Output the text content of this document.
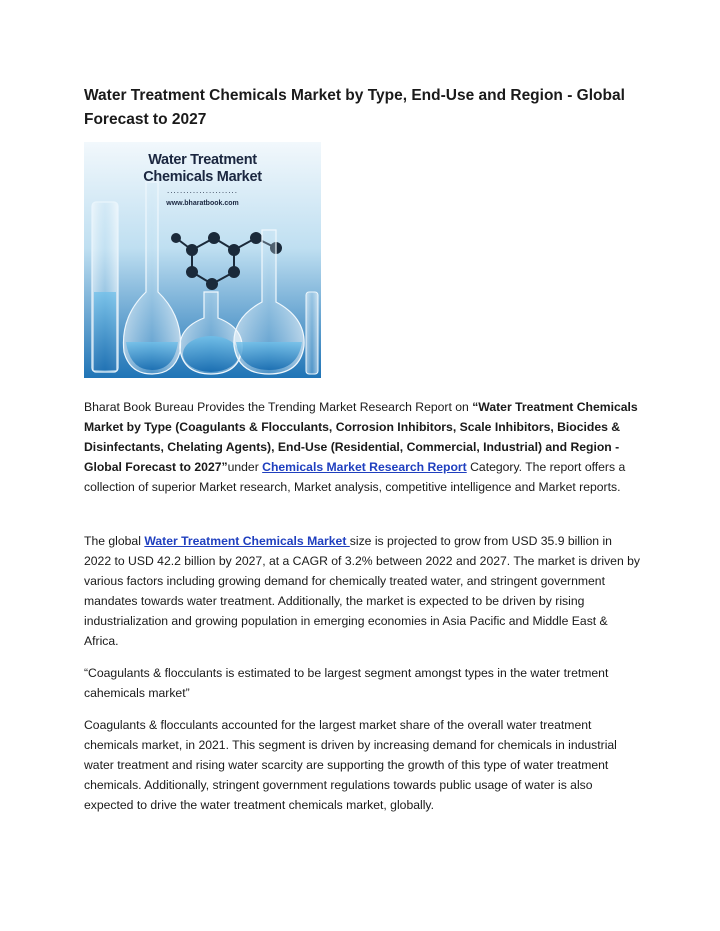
Water Treatment Chemicals Market by Type, End-Use and Region - Global Forecast to 2027
Water Treatment
Chemicals Market
......................
www.bharatbook.com
Bharat Book Bureau Provides the Trending Market Research Report on “Water Treatment Chemicals Market by Type (Coagulants & Flocculants, Corrosion Inhibitors, Scale Inhibitors, Biocides & Disinfectants, Chelating Agents), End-Use (Residential, Commercial, Industrial) and Region - Global Forecast to 2027”under Chemicals Market Research Report Category. The report offers a collection of superior Market research, Market analysis, competitive intelligence and Market reports.
The global Water Treatment Chemicals Market size is projected to grow from USD 35.9 billion in 2022 to USD 42.2 billion by 2027, at a CAGR of 3.2% between 2022 and 2027. The market is driven by various factors including growing demand for chemically treated water, and stringent government mandates towards water treatment. Additionally, the market is expected to be driven by rising industrialization and growing population in emerging economies in Asia Pacific and Middle East & Africa.
“Coagulants & flocculants is estimated to be largest segment amongst types in the water tretment cahemicals market”
Coagulants & flocculants accounted for the largest market share of the overall water treatment chemicals market, in 2021. This segment is driven by increasing demand for chemicals in industrial water treatment and rising water scarcity are supporting the growth of this type of water treatment chemicals. Additionally, stringent government regulations towards public usage of water is also expected to drive the water treatment chemicals market, globally.
